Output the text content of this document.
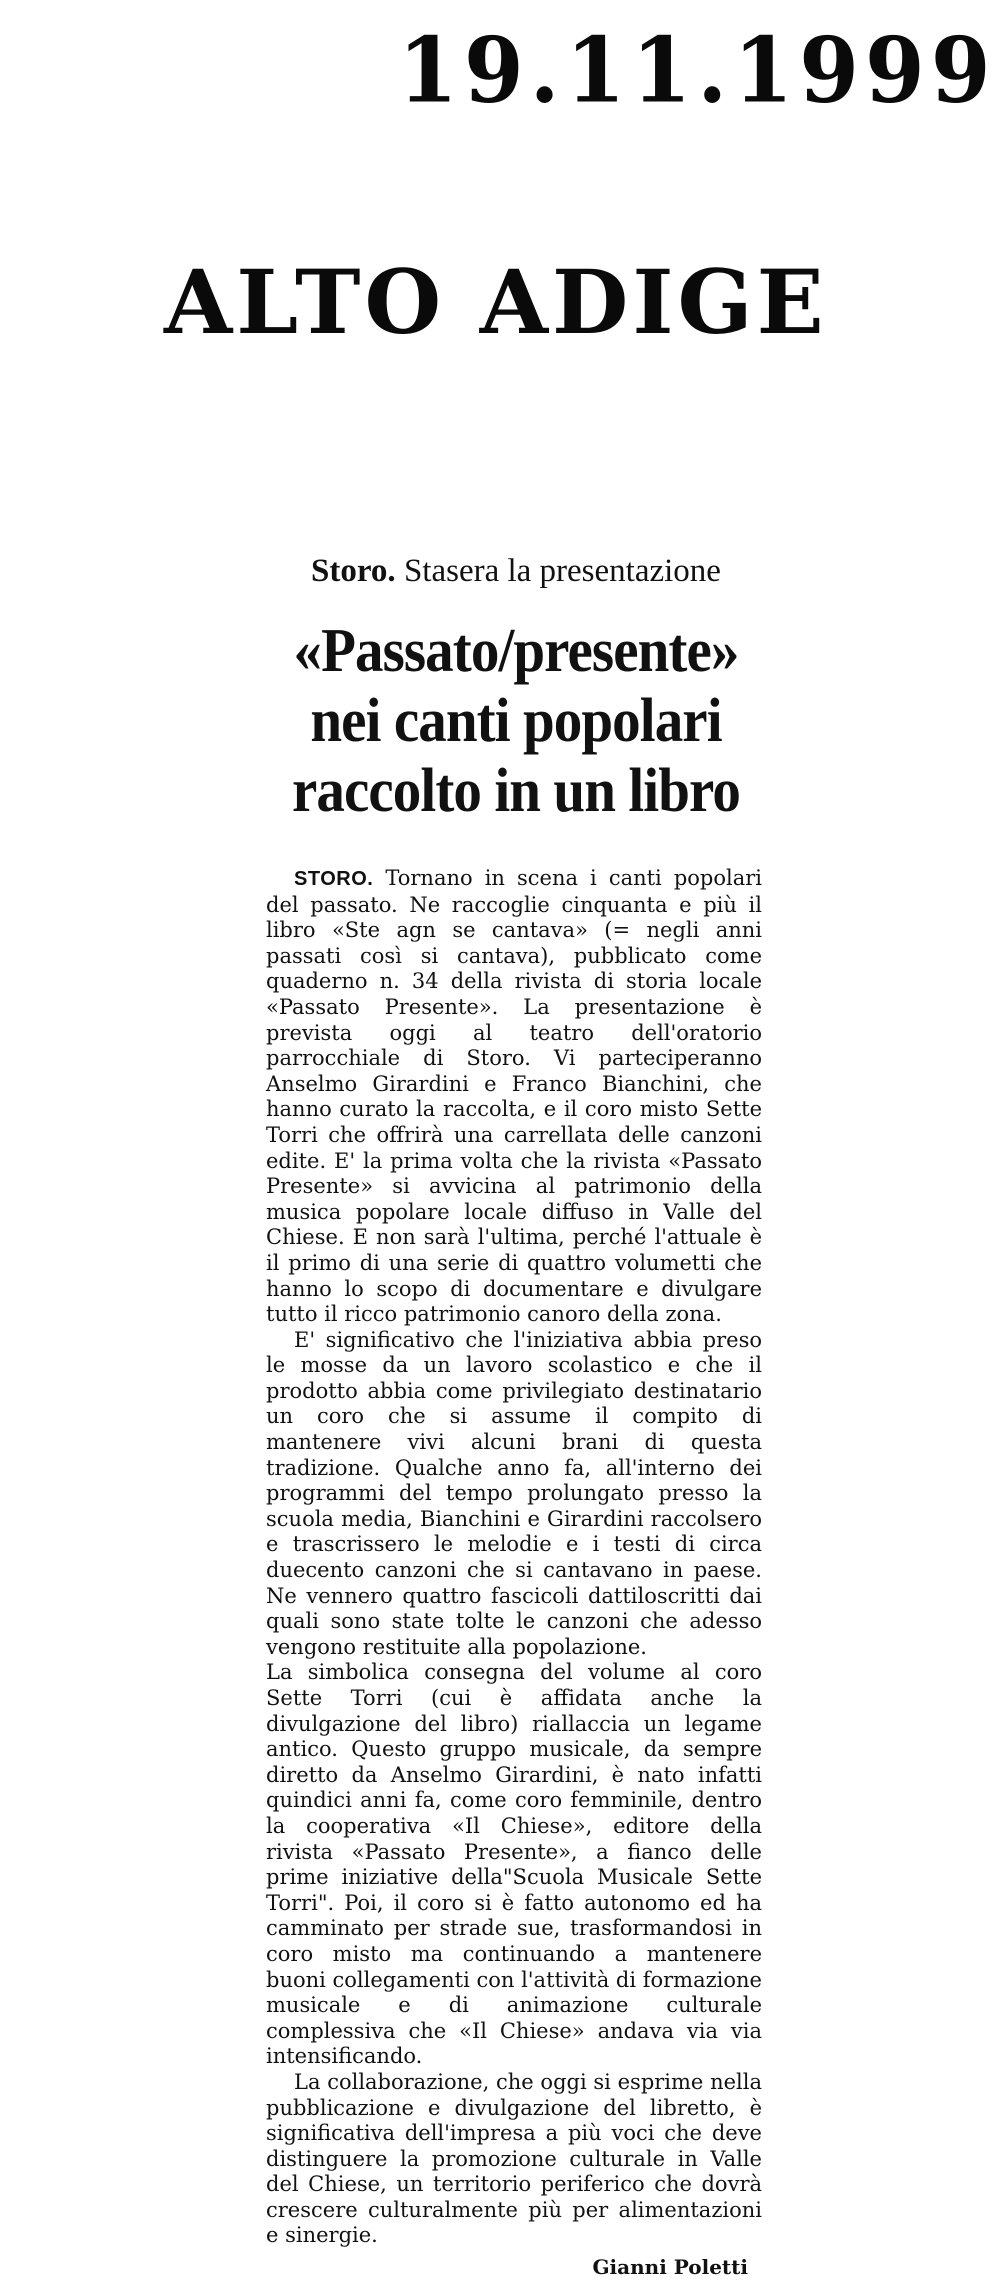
19.11.1999
ALTO ADIGE

Storo. Stasera la presentazione

«Passato/presente»
nei canti popolari
raccolto in un libro

STORO. Tornano in scena i canti popolari del passato. Ne raccoglie cinquanta e più il libro «Ste agn se cantava» (= negli anni passati così si cantava), pubblicato come quaderno n. 34 della rivista di storia locale «Passato Presente». La presentazione è prevista oggi al teatro dell'oratorio parrocchiale di Storo. Vi parteciperanno Anselmo Girardini e Franco Bianchini, che hanno curato la raccolta, e il coro misto Sette Torri che offrirà una carrellata delle canzoni edite. E' la prima volta che la rivista «Passato Presente» si avvicina al patrimonio della musica popolare locale diffuso in Valle del Chiese. E non sarà l'ultima, perché l'attuale è il primo di una serie di quattro volumetti che hanno lo scopo di documentare e divulgare tutto il ricco patrimonio canoro della zona.

E' significativo che l'iniziativa abbia preso le mosse da un lavoro scolastico e che il prodotto abbia come privilegiato destinatario un coro che si assume il compito di mantenere vivi alcuni brani di questa tradizione. Qualche anno fa, all'interno dei programmi del tempo prolungato presso la scuola media, Bianchini e Girardini raccolsero e trascrissero le melodie e i testi di circa duecento canzoni che si cantavano in paese. Ne vennero quattro fascicoli dattiloscritti dai quali sono state tolte le canzoni che adesso vengono restituite alla popolazione.

La simbolica consegna del volume al coro Sette Torri (cui è affidata anche la divulgazione del libro) riallaccia un legame antico. Questo gruppo musicale, da sempre diretto da Anselmo Girardini, è nato infatti quindici anni fa, come coro femminile, dentro la cooperativa «Il Chiese», editore della rivista «Passato Presente», a fianco delle prime iniziative della"Scuola Musicale Sette Torri". Poi, il coro si è fatto autonomo ed ha camminato per strade sue, trasformandosi in coro misto ma continuando a mantenere buoni collegamenti con l'attività di formazione musicale e di animazione culturale complessiva che «Il Chiese» andava via via intensificando.

La collaborazione, che oggi si esprime nella pubblicazione e divulgazione del libretto, è significativa dell'impresa a più voci che deve distinguere la promozione culturale in Valle del Chiese, un territorio periferico che dovrà crescere culturalmente più per alimentazioni e sinergie.

Gianni Poletti
